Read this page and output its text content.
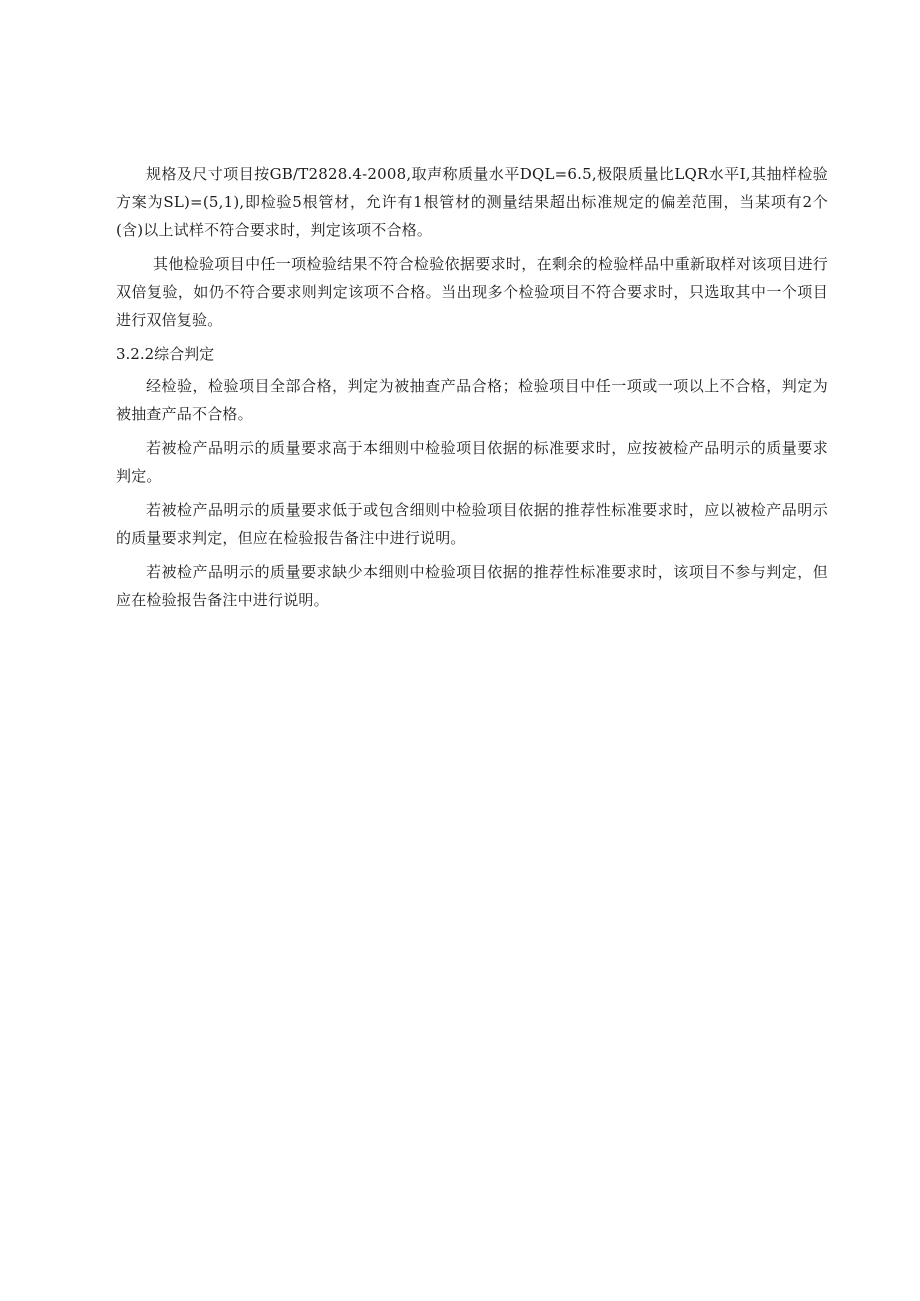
规格及尺寸项目按GB/T2828.4-2008,取声称质量水平DQL=6.5,极限质量比LQR水平I,其抽样检验方案为SL)=(5,1),即检验5根管材，允许有1根管材的测量结果超出标准规定的偏差范围，当某项有2个(含)以上试样不符合要求时，判定该项不合格。

其他检验项目中任一项检验结果不符合检验依据要求时，在剩余的检验样品中重新取样对该项目进行双倍复验，如仍不符合要求则判定该项不合格。当出现多个检验项目不符合要求时，只选取其中一个项目进行双倍复验。

3.2.2综合判定

经检验，检验项目全部合格，判定为被抽查产品合格；检验项目中任一项或一项以上不合格，判定为被抽查产品不合格。

若被检产品明示的质量要求高于本细则中检验项目依据的标准要求时，应按被检产品明示的质量要求判定。

若被检产品明示的质量要求低于或包含细则中检验项目依据的推荐性标准要求时，应以被检产品明示的质量要求判定，但应在检验报告备注中进行说明。

若被检产品明示的质量要求缺少本细则中检验项目依据的推荐性标准要求时，该项目不参与判定，但应在检验报告备注中进行说明。
